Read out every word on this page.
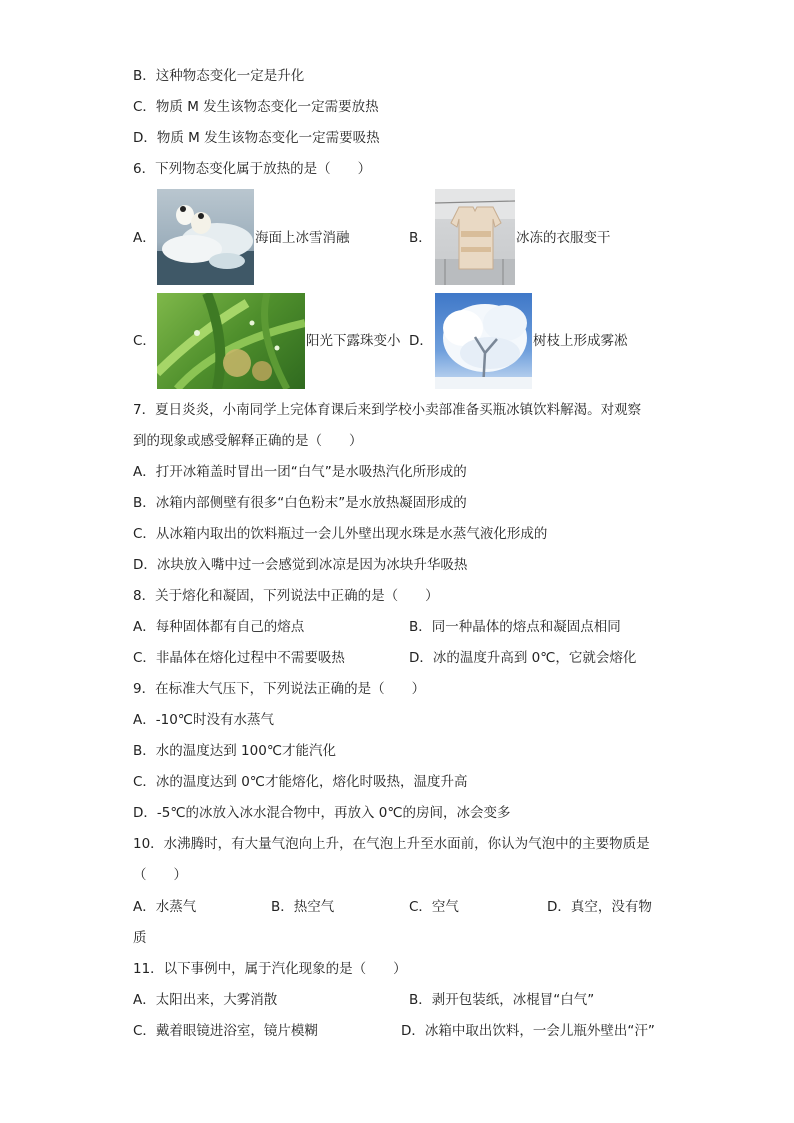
B．这种物态变化一定是升化
C．物质 M 发生该物态变化一定需要放热
D．物质 M 发生该物态变化一定需要吸热
6．下列物态变化属于放热的是（　　）
A．	海面上冰雪消融	B．	冰冻的衣服变干
C．	阳光下露珠变小 D．	树枝上形成雾凇
7．夏日炎炎，小南同学上完体育课后来到学校小卖部准备买瓶冰镇饮料解渴。对观察
到的现象或感受解释正确的是（　　）
A．打开冰箱盖时冒出一团“白气”是水吸热汽化所形成的
B．冰箱内部侧壁有很多“白色粉末”是水放热凝固形成的
C．从冰箱内取出的饮料瓶过一会儿外壁出现水珠是水蒸气液化形成的
D．冰块放入嘴中过一会感觉到冰凉是因为冰块升华吸热
8．关于熔化和凝固，下列说法中正确的是（　　）
A．每种固体都有自己的熔点	B．同一种晶体的熔点和凝固点相同
C．非晶体在熔化过程中不需要吸热	D．冰的温度升高到 0℃，它就会熔化
9．在标准大气压下，下列说法正确的是（　　）
A．-10℃时没有水蒸气
B．水的温度达到 100℃才能汽化
C．冰的温度达到 0℃才能熔化，熔化时吸热，温度升高
D．-5℃的冰放入冰水混合物中，再放入 0℃的房间，冰会变多
10．水沸腾时，有大量气泡向上升，在气泡上升至水面前，你认为气泡中的主要物质是
（　　）
A．水蒸气	B．热空气	C．空气	D．真空，没有物
质
11．以下事例中，属于汽化现象的是（　　）
A．太阳出来，大雾消散	B．剥开包装纸，冰棍冒“白气”
C．戴着眼镜进浴室，镜片模糊	D．冰箱中取出饮料，一会儿瓶外壁出“汗”
